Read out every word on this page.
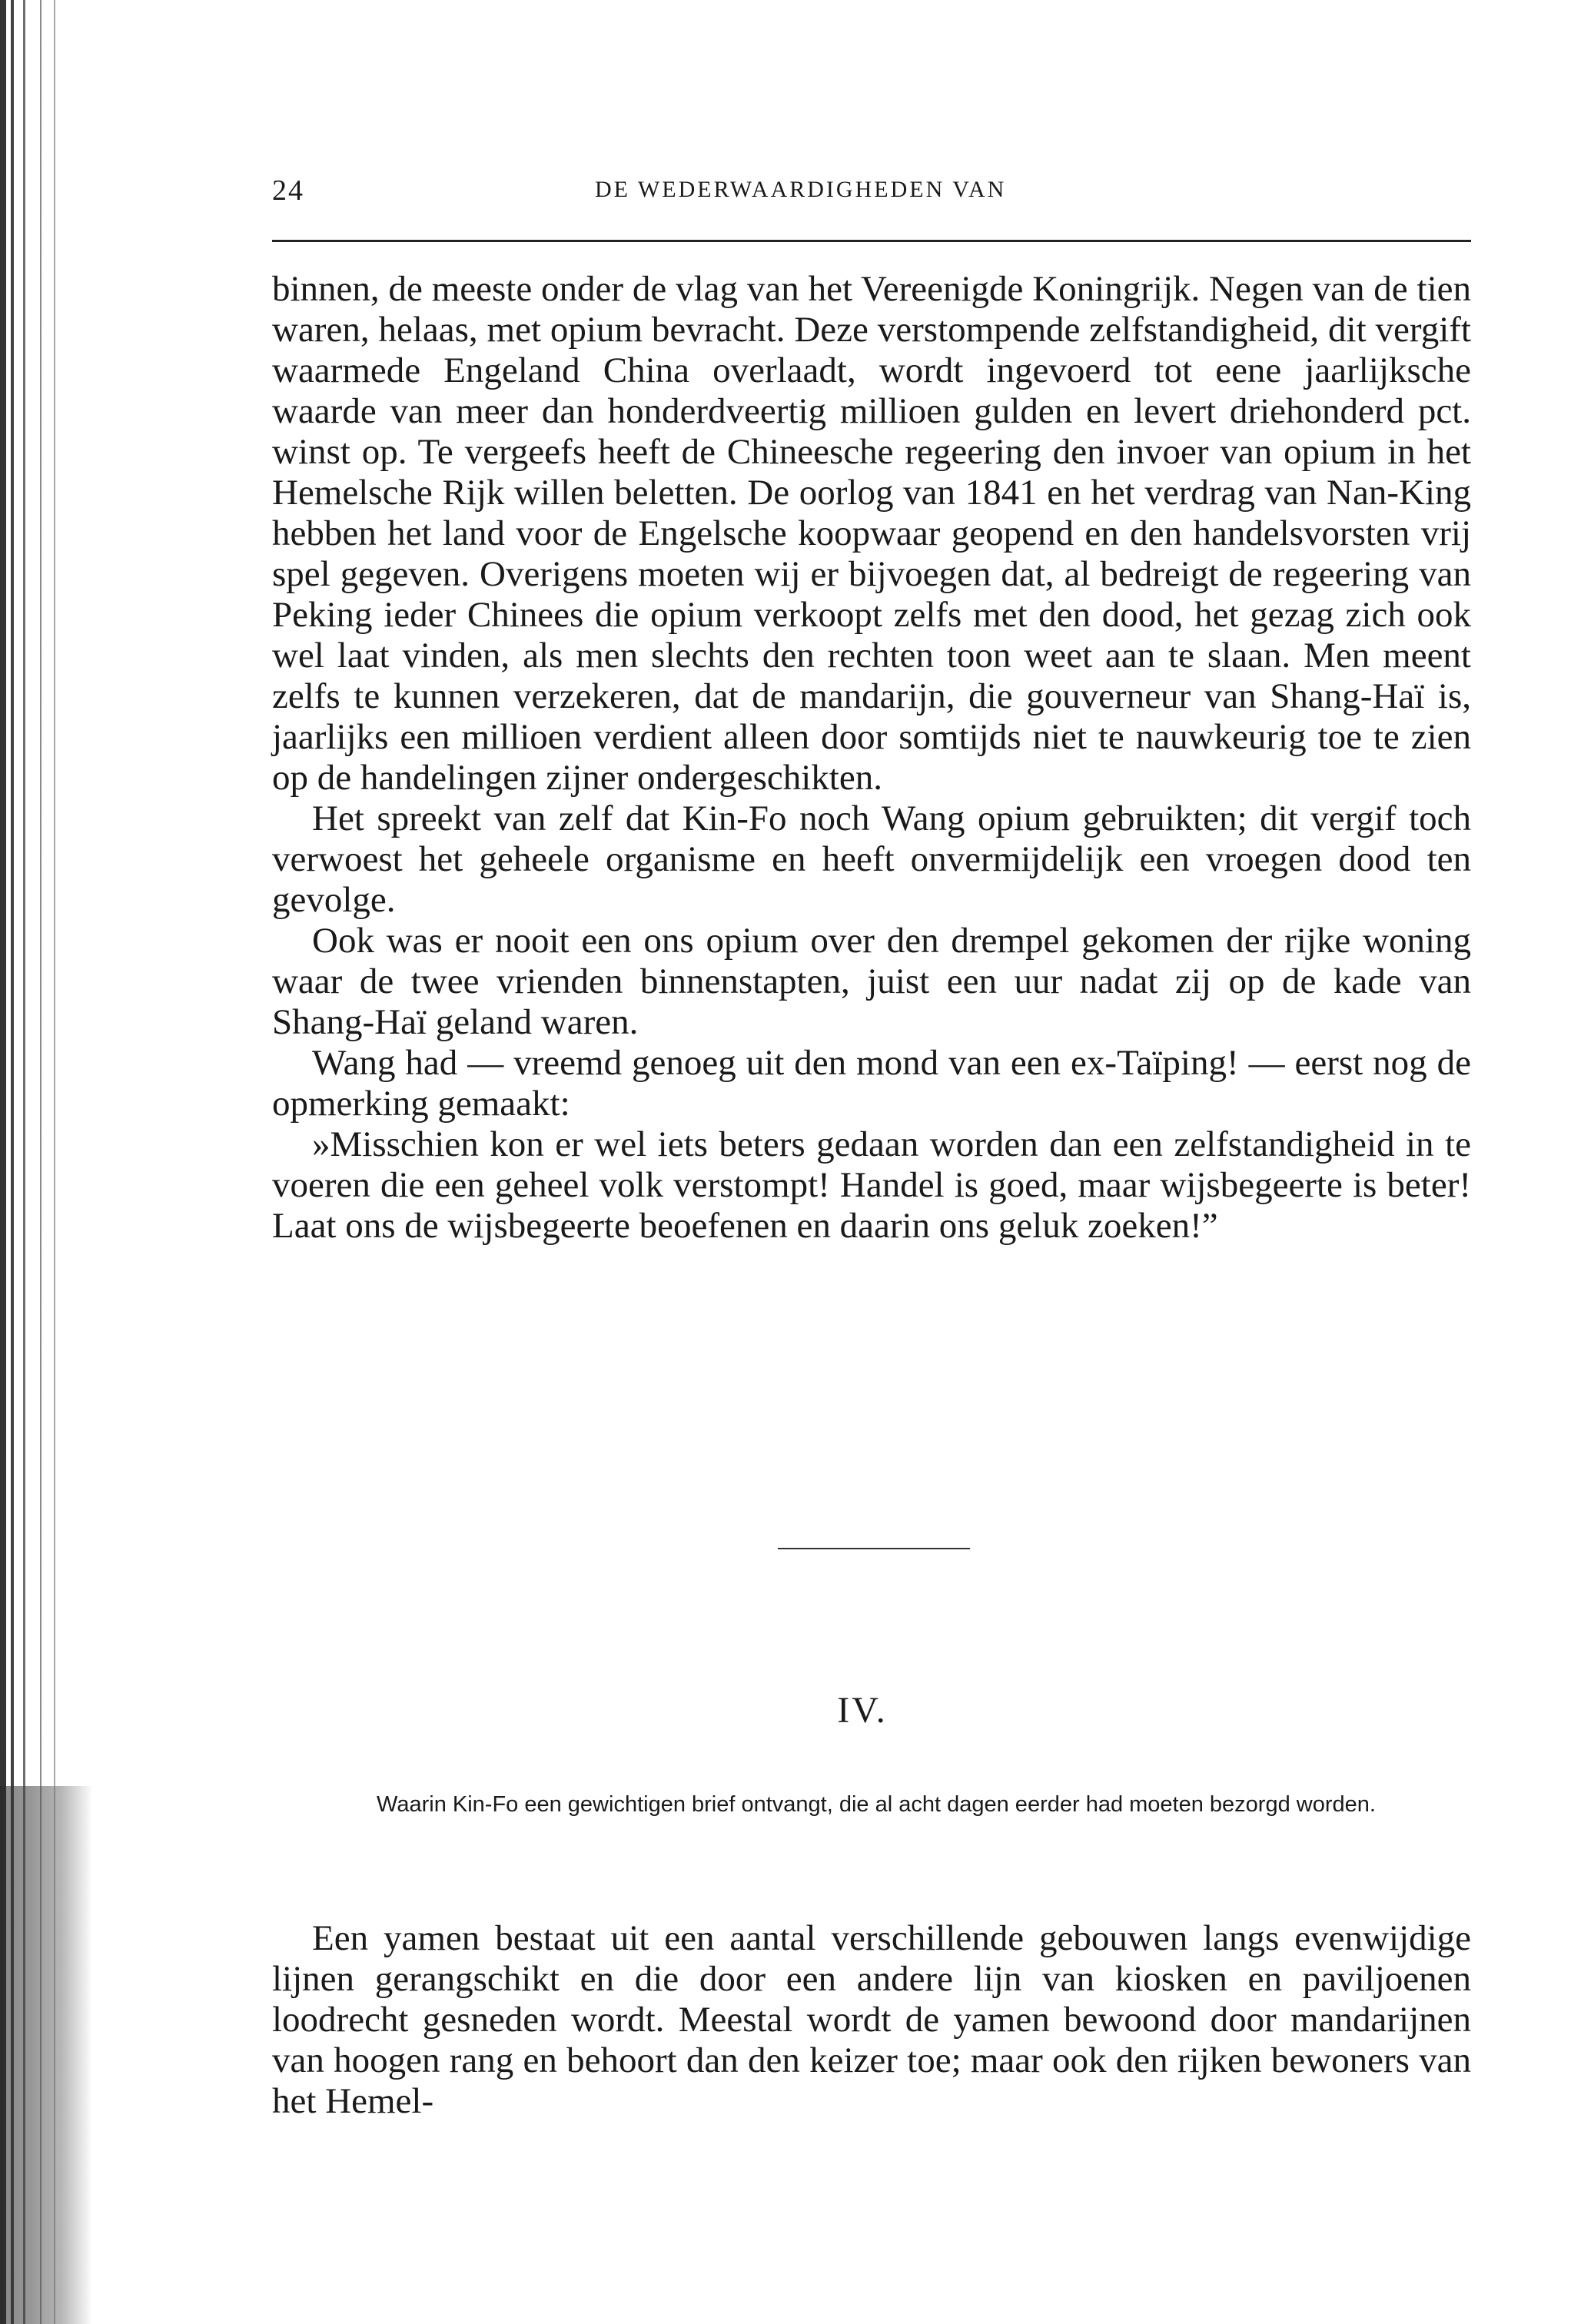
24	DE WEDERWAARDIGHEDEN VAN

binnen, de meeste onder de vlag van het Vereenigde Koningrijk. Negen van de tien waren, helaas, met opium bevracht. Deze verstompende zelfstandigheid, dit vergift waarmede Engeland China overlaadt, wordt ingevoerd tot eene jaarlijksche waarde van meer dan honderdveertig millioen gulden en levert driehonderd pct. winst op. Te vergeefs heeft de Chineesche regeering den invoer van opium in het Hemelsche Rijk willen beletten. De oorlog van 1841 en het verdrag van Nan-King hebben het land voor de Engelsche koopwaar geopend en den handelsvorsten vrij spel gegeven. Overigens moeten wij er bijvoegen dat, al bedreigt de regeering van Peking ieder Chinees die opium verkoopt zelfs met den dood, het gezag zich ook wel laat vinden, als men slechts den rechten toon weet aan te slaan. Men meent zelfs te kunnen verzekeren, dat de mandarijn, die gouverneur van Shang-Haï is, jaarlijks een millioen verdient alleen door somtijds niet te nauwkeurig toe te zien op de handelingen zijner ondergeschikten.

Het spreekt van zelf dat Kin-Fo noch Wang opium gebruikten; dit vergif toch verwoest het geheele organisme en heeft onvermijdelijk een vroegen dood ten gevolge.

Ook was er nooit een ons opium over den drempel gekomen der rijke woning waar de twee vrienden binnenstapten, juist een uur nadat zij op de kade van Shang-Haï geland waren.

Wang had — vreemd genoeg uit den mond van een ex-Taïping! — eerst nog de opmerking gemaakt:

»Misschien kon er wel iets beters gedaan worden dan een zelfstandigheid in te voeren die een geheel volk verstompt! Handel is goed, maar wijsbegeerte is beter! Laat ons de wijsbegeerte beoefenen en daarin ons geluk zoeken!”

IV.
Waarin Kin-Fo een gewichtigen brief ontvangt, die al acht dagen eerder had moeten bezorgd worden.

Een yamen bestaat uit een aantal verschillende gebouwen langs evenwijdige lijnen gerangschikt en die door een andere lijn van kiosken en paviljoenen loodrecht gesneden wordt. Meestal wordt de yamen bewoond door mandarijnen van hoogen rang en behoort dan den keizer toe; maar ook den rijken bewoners van het Hemel-
